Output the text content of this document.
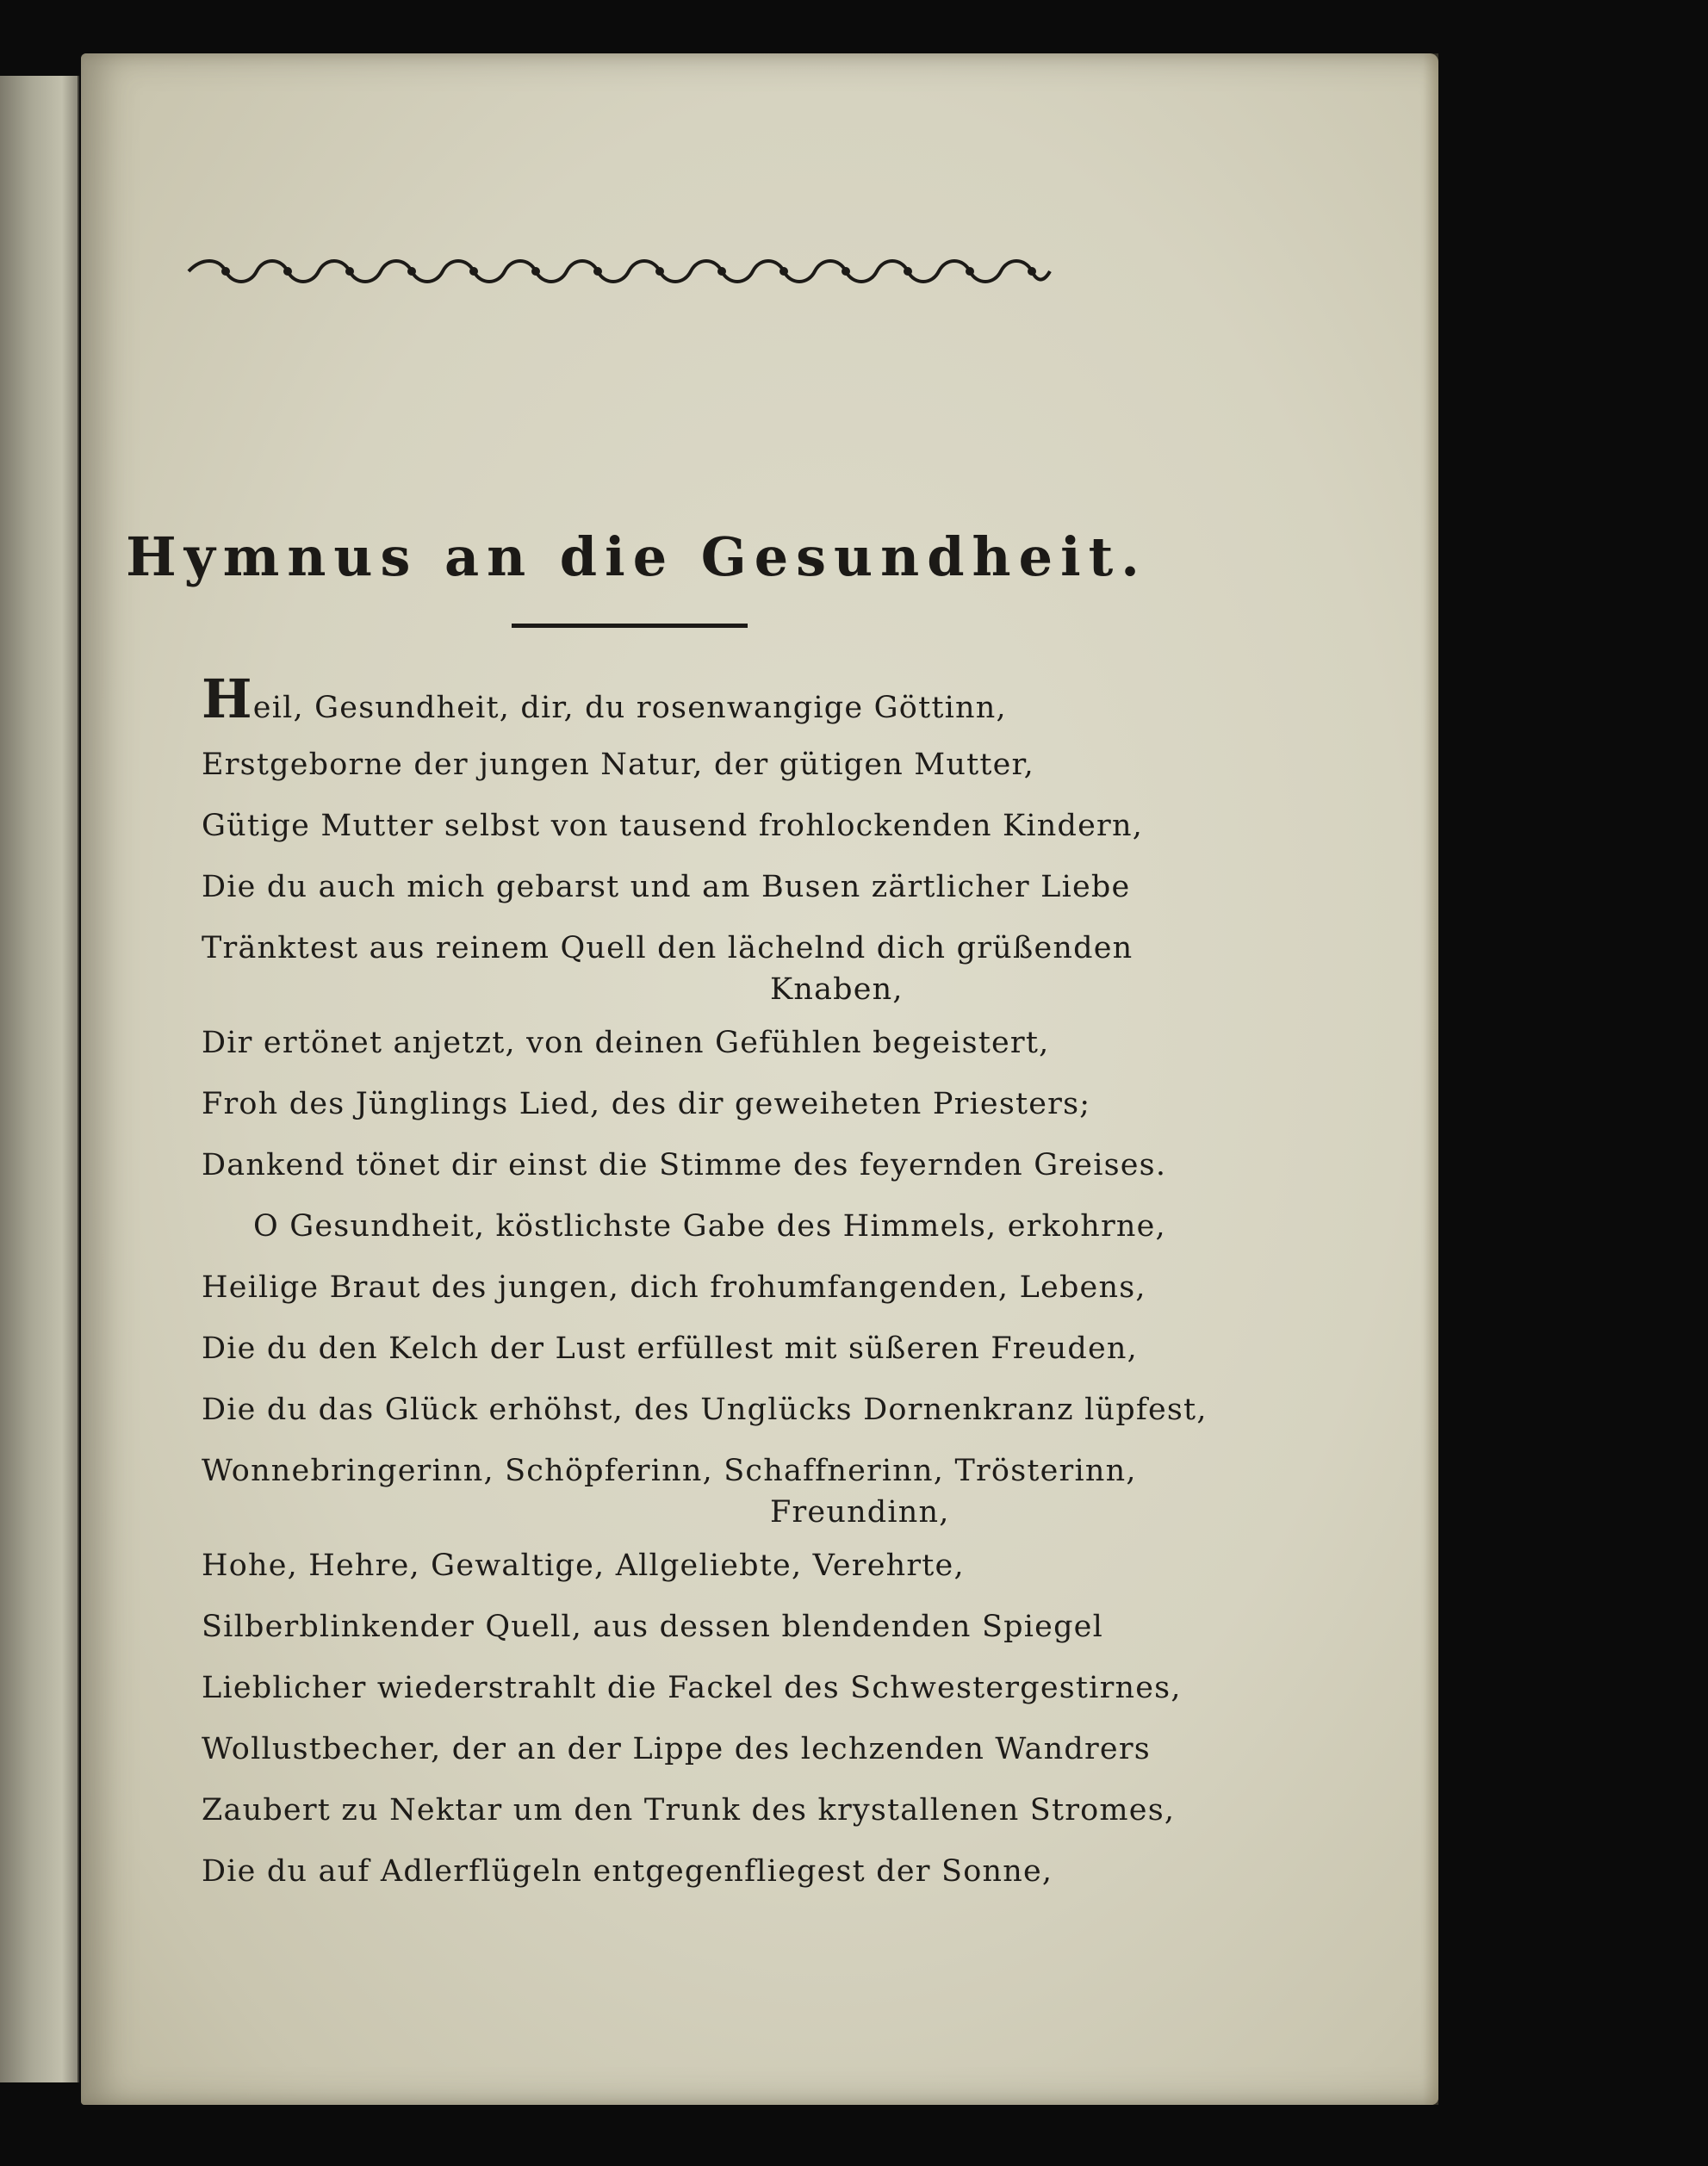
Hymnus an die Gesundheit.
Heil, Gesundheit, dir, du rosenwangige Göttinn,
Erstgeborne der jungen Natur, der gütigen Mutter,
Gütige Mutter selbst von tausend frohlockenden Kindern,
Die du auch mich gebarst und am Busen zärtlicher Liebe
Tränktest aus reinem Quell den lächelnd dich grüßenden
Knaben,
Dir ertönet anjetzt, von deinen Gefühlen begeistert,
Froh des Jünglings Lied, des dir geweiheten Priesters;
Dankend tönet dir einst die Stimme des feyernden Greises.
O Gesundheit, köstlichste Gabe des Himmels, erkohrne,
Heilige Braut des jungen, dich frohumfangenden, Lebens,
Die du den Kelch der Lust erfüllest mit süßeren Freuden,
Die du das Glück erhöhst, des Unglücks Dornenkranz lüpfest,
Wonnebringerinn, Schöpferinn, Schaffnerinn, Trösterinn,
Freundinn,
Hohe, Hehre, Gewaltige, Allgeliebte, Verehrte,
Silberblinkender Quell, aus dessen blendenden Spiegel
Lieblicher wiederstrahlt die Fackel des Schwestergestirnes,
Wollustbecher, der an der Lippe des lechzenden Wandrers
Zaubert zu Nektar um den Trunk des krystallenen Stromes,
Die du auf Adlerflügeln entgegenfliegest der Sonne,
